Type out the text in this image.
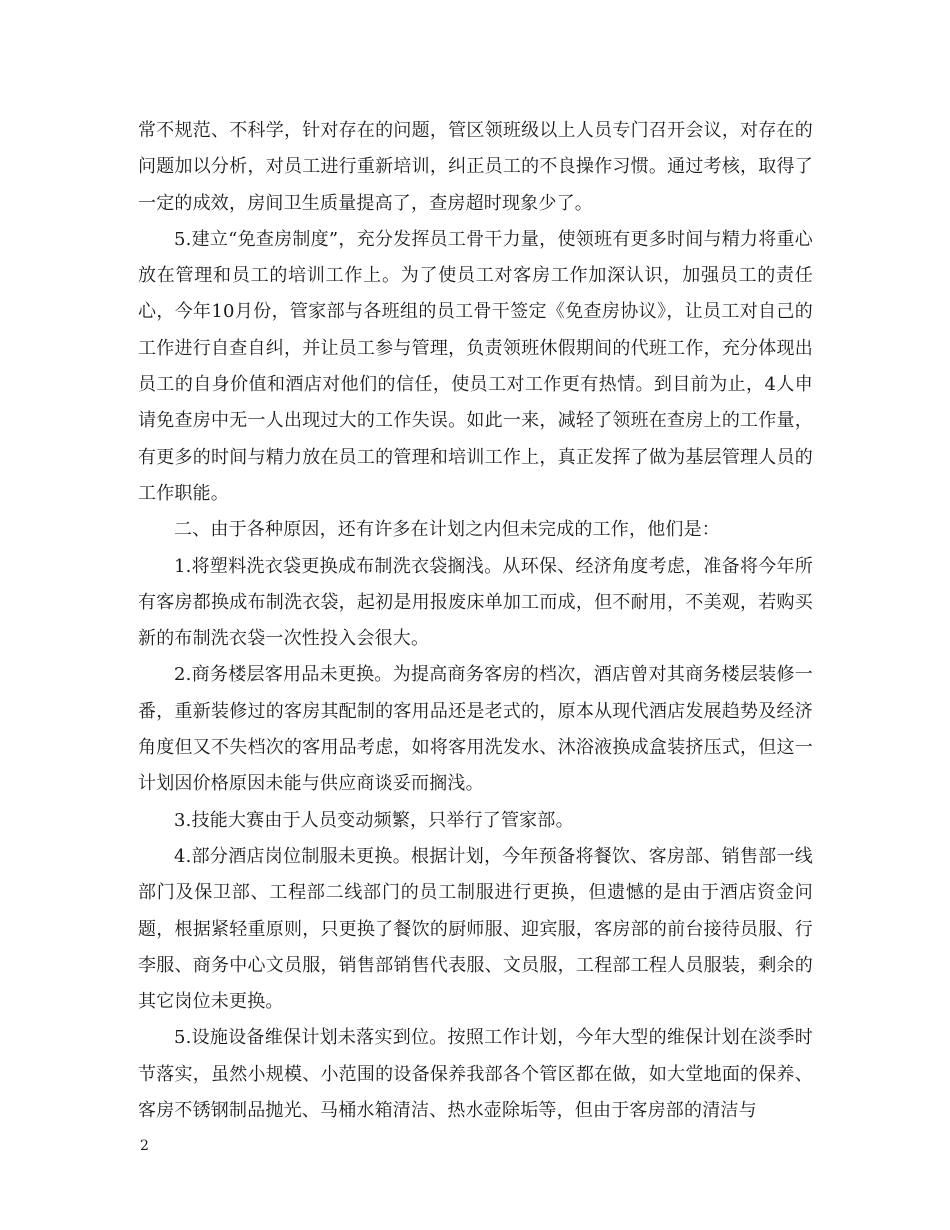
常不规范、不科学，针对存在的问题，管区领班级以上人员专门召开会议，对存在的问题加以分析，对员工进行重新培训，纠正员工的不良操作习惯。通过考核，取得了一定的成效，房间卫生质量提高了，查房超时现象少了。

5.建立“免查房制度”，充分发挥员工骨干力量，使领班有更多时间与精力将重心放在管理和员工的培训工作上。为了使员工对客房工作加深认识，加强员工的责任心，今年10月份，管家部与各班组的员工骨干签定《免查房协议》，让员工对自己的工作进行自查自纠，并让员工参与管理，负责领班休假期间的代班工作，充分体现出员工的自身价值和酒店对他们的信任，使员工对工作更有热情。到目前为止，4人申请免查房中无一人出现过大的工作失误。如此一来，减轻了领班在查房上的工作量，有更多的时间与精力放在员工的管理和培训工作上，真正发挥了做为基层管理人员的工作职能。

二、由于各种原因，还有许多在计划之内但未完成的工作，他们是：

1.将塑料洗衣袋更换成布制洗衣袋搁浅。从环保、经济角度考虑，准备将今年所有客房都换成布制洗衣袋，起初是用报废床单加工而成，但不耐用，不美观，若购买新的布制洗衣袋一次性投入会很大。

2.商务楼层客用品未更换。为提高商务客房的档次，酒店曾对其商务楼层装修一番，重新装修过的客房其配制的客用品还是老式的，原本从现代酒店发展趋势及经济角度但又不失档次的客用品考虑，如将客用洗发水、沐浴液换成盒装挤压式，但这一计划因价格原因未能与供应商谈妥而搁浅。

3.技能大赛由于人员变动频繁，只举行了管家部。

4.部分酒店岗位制服未更换。根据计划，今年预备将餐饮、客房部、销售部一线部门及保卫部、工程部二线部门的员工制服进行更换，但遗憾的是由于酒店资金问题，根据紧轻重原则，只更换了餐饮的厨师服、迎宾服，客房部的前台接待员服、行李服、商务中心文员服，销售部销售代表服、文员服，工程部工程人员服装，剩余的其它岗位未更换。

5.设施设备维保计划未落实到位。按照工作计划，今年大型的维保计划在淡季时节落实，虽然小规模、小范围的设备保养我部各个管区都在做，如大堂地面的保养、客房不锈钢制品抛光、马桶水箱清洁、热水壶除垢等，但由于客房部的清洁与

2
